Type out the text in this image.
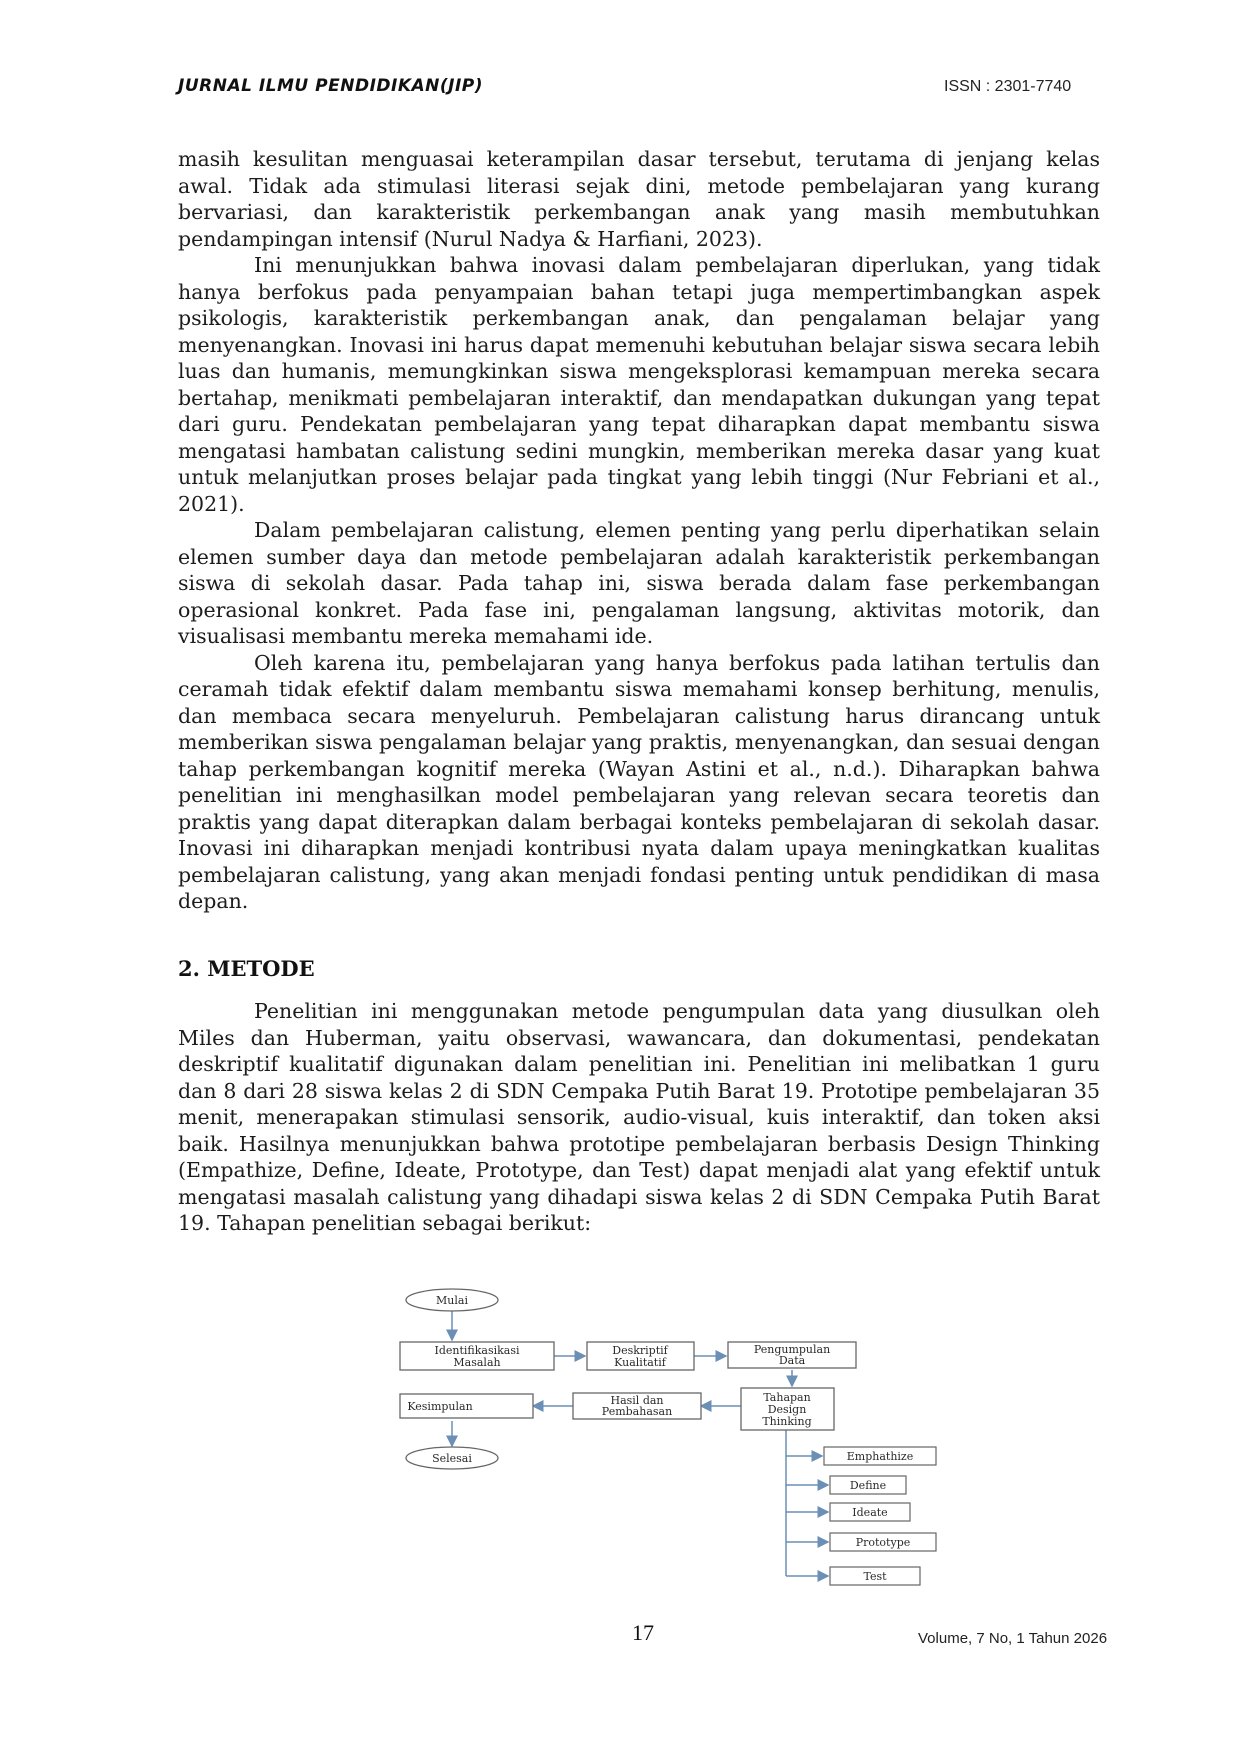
JURNAL ILMU PENDIDIKAN(JIP)	ISSN : 2301-7740

masih kesulitan menguasai keterampilan dasar tersebut, terutama di jenjang kelas awal. Tidak ada stimulasi literasi sejak dini, metode pembelajaran yang kurang bervariasi, dan karakteristik perkembangan anak yang masih membutuhkan pendampingan intensif (Nurul Nadya & Harfiani, 2023).

Ini menunjukkan bahwa inovasi dalam pembelajaran diperlukan, yang tidak hanya berfokus pada penyampaian bahan tetapi juga mempertimbangkan aspek psikologis, karakteristik perkembangan anak, dan pengalaman belajar yang menyenangkan. Inovasi ini harus dapat memenuhi kebutuhan belajar siswa secara lebih luas dan humanis, memungkinkan siswa mengeksplorasi kemampuan mereka secara bertahap, menikmati pembelajaran interaktif, dan mendapatkan dukungan yang tepat dari guru. Pendekatan pembelajaran yang tepat diharapkan dapat membantu siswa mengatasi hambatan calistung sedini mungkin, memberikan mereka dasar yang kuat untuk melanjutkan proses belajar pada tingkat yang lebih tinggi (Nur Febriani et al., 2021).

Dalam pembelajaran calistung, elemen penting yang perlu diperhatikan selain elemen sumber daya dan metode pembelajaran adalah karakteristik perkembangan siswa di sekolah dasar. Pada tahap ini, siswa berada dalam fase perkembangan operasional konkret. Pada fase ini, pengalaman langsung, aktivitas motorik, dan visualisasi membantu mereka memahami ide.

Oleh karena itu, pembelajaran yang hanya berfokus pada latihan tertulis dan ceramah tidak efektif dalam membantu siswa memahami konsep berhitung, menulis, dan membaca secara menyeluruh. Pembelajaran calistung harus dirancang untuk memberikan siswa pengalaman belajar yang praktis, menyenangkan, dan sesuai dengan tahap perkembangan kognitif mereka (Wayan Astini et al., n.d.). Diharapkan bahwa penelitian ini menghasilkan model pembelajaran yang relevan secara teoretis dan praktis yang dapat diterapkan dalam berbagai konteks pembelajaran di sekolah dasar. Inovasi ini diharapkan menjadi kontribusi nyata dalam upaya meningkatkan kualitas pembelajaran calistung, yang akan menjadi fondasi penting untuk pendidikan di masa depan.

2. METODE

Penelitian ini menggunakan metode pengumpulan data yang diusulkan oleh Miles dan Huberman, yaitu observasi, wawancara, dan dokumentasi, pendekatan deskriptif kualitatif digunakan dalam penelitian ini. Penelitian ini melibatkan 1 guru dan 8 dari 28 siswa kelas 2 di SDN Cempaka Putih Barat 19. Prototipe pembelajaran 35 menit, menerapakan stimulasi sensorik, audio-visual, kuis interaktif, dan token aksi baik. Hasilnya menunjukkan bahwa prototipe pembelajaran berbasis Design Thinking (Empathize, Define, Ideate, Prototype, dan Test) dapat menjadi alat yang efektif untuk mengatasi masalah calistung yang dihadapi siswa kelas 2 di SDN Cempaka Putih Barat 19. Tahapan penelitian sebagai berikut:

Mulai
Identifikasikasi
Masalah
Deskriptif
Kualitatif
Pengumpulan
Data
Tahapan
Design
Thinking
Hasil dan
Pembahasan
Kesimpulan
Selesai	Emphathize
Define
Ideate
Prototype
Test
17	Volume, 7 No, 1 Tahun 2026
